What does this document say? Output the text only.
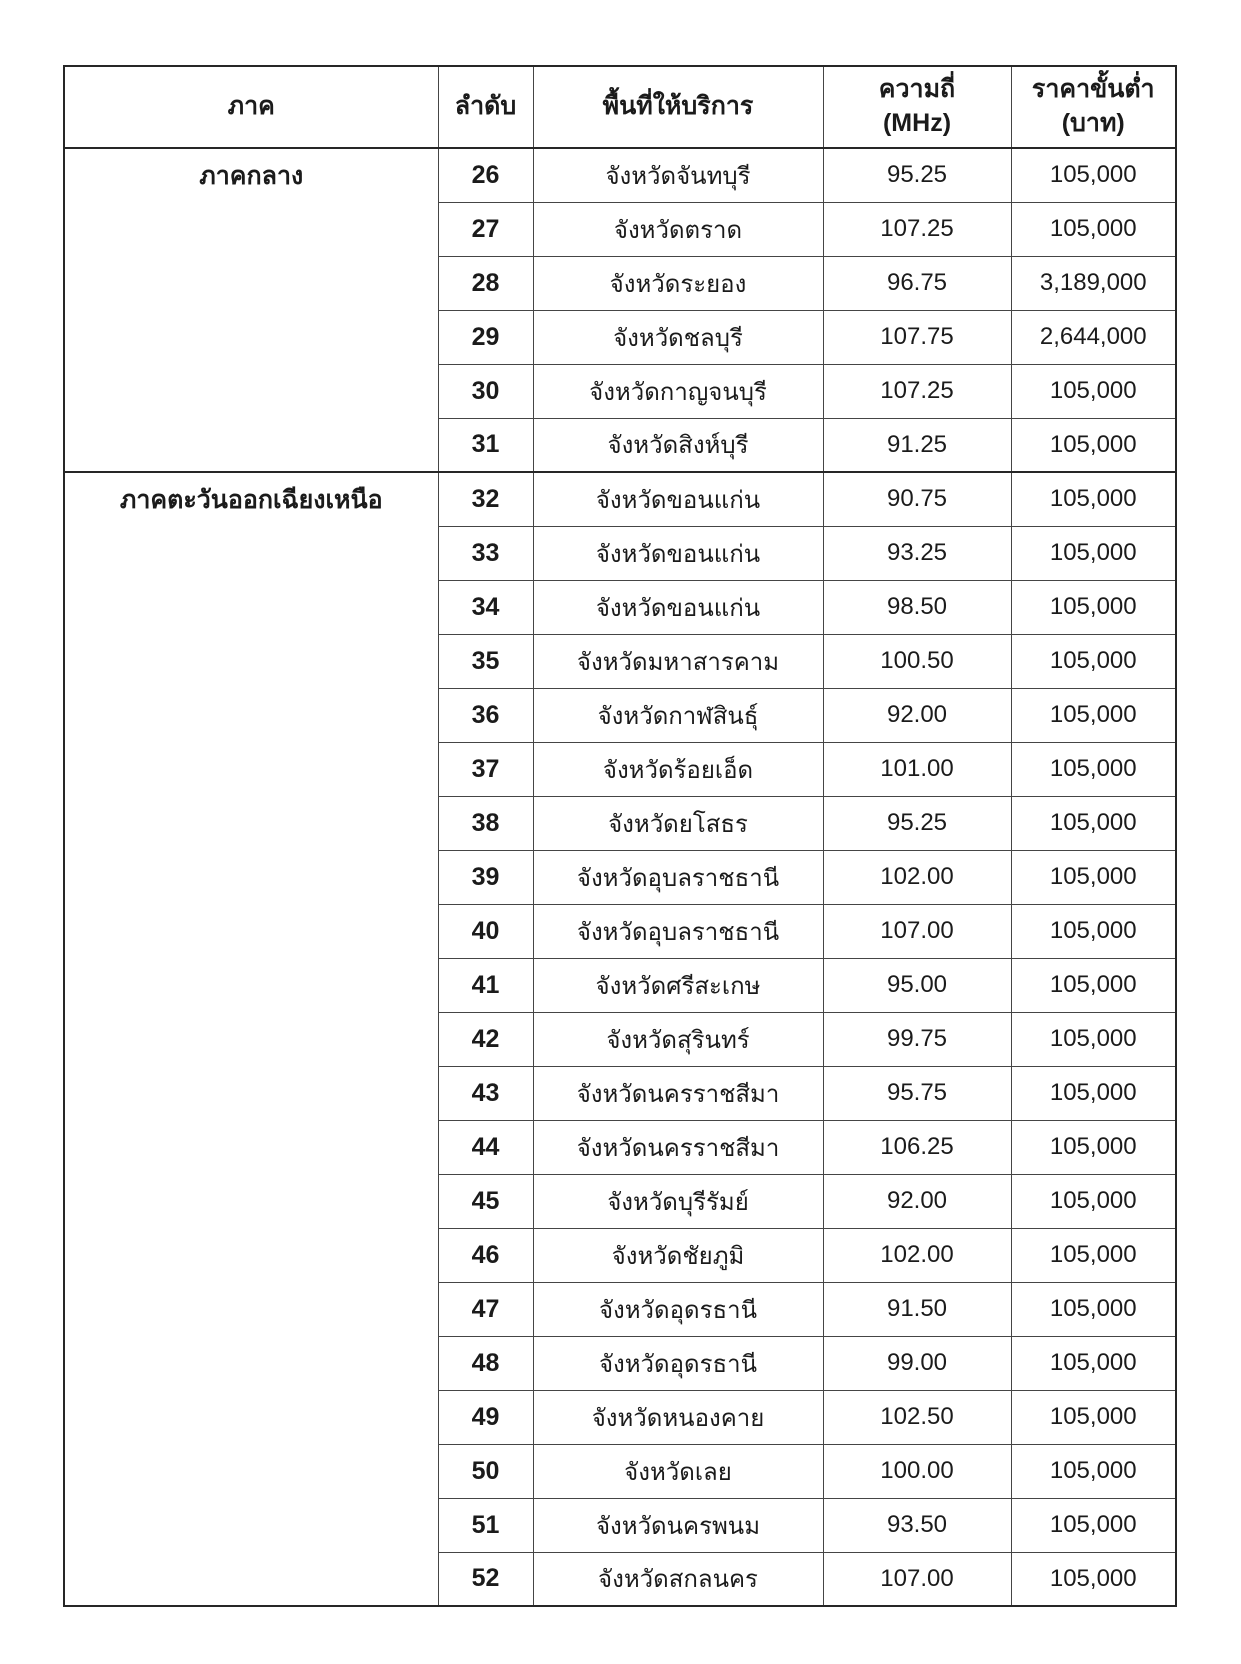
ภาค	ลำดับ	พื้นที่ให้บริการ	ความถี่
(MHz)	ราคาขั้นต่ำ
(บาท)

ภาคกลาง	26	จังหวัดจันทบุรี	95.25	105,000
	27	จังหวัดตราด	107.25	105,000
	28	จังหวัดระยอง	96.75	3,189,000
	29	จังหวัดชลบุรี	107.75	2,644,000
	30	จังหวัดกาญจนบุรี	107.25	105,000
	31	จังหวัดสิงห์บุรี	91.25	105,000

ภาคตะวันออกเฉียงเหนือ	32	จังหวัดขอนแก่น	90.75	105,000
	33	จังหวัดขอนแก่น	93.25	105,000
	34	จังหวัดขอนแก่น	98.50	105,000
	35	จังหวัดมหาสารคาม	100.50	105,000
	36	จังหวัดกาฬสินธุ์	92.00	105,000
	37	จังหวัดร้อยเอ็ด	101.00	105,000
	38	จังหวัดยโสธร	95.25	105,000
	39	จังหวัดอุบลราชธานี	102.00	105,000
	40	จังหวัดอุบลราชธานี	107.00	105,000
	41	จังหวัดศรีสะเกษ	95.00	105,000
	42	จังหวัดสุรินทร์	99.75	105,000
	43	จังหวัดนครราชสีมา	95.75	105,000
	44	จังหวัดนครราชสีมา	106.25	105,000
	45	จังหวัดบุรีรัมย์	92.00	105,000
	46	จังหวัดชัยภูมิ	102.00	105,000
	47	จังหวัดอุดรธานี	91.50	105,000
	48	จังหวัดอุดรธานี	99.00	105,000
	49	จังหวัดหนองคาย	102.50	105,000
	50	จังหวัดเลย	100.00	105,000
	51	จังหวัดนครพนม	93.50	105,000
	52	จังหวัดสกลนคร	107.00	105,000
